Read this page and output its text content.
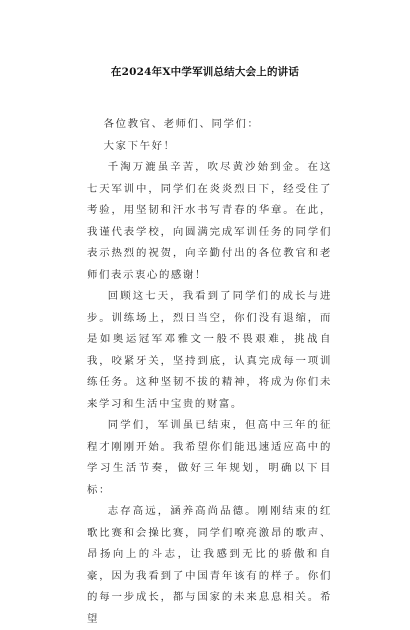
在2024年X中学军训总结大会上的讲话

各位教官、老师们、同学们：

大家下午好！

千淘万漉虽辛苦，吹尽黄沙始到金。在这七天军训中，同学们在炎炎烈日下，经受住了考验，用坚韧和汗水书写青春的华章。在此，我谨代表学校，向圆满完成军训任务的同学们表示热烈的祝贺，向辛勤付出的各位教官和老师们表示衷心的感谢！

回顾这七天，我看到了同学们的成长与进步。训练场上，烈日当空，你们没有退缩，而是如奥运冠军邓雅文一般不畏艰难，挑战自我，咬紧牙关，坚持到底，认真完成每一项训练任务。这种坚韧不拔的精神，将成为你们未来学习和生活中宝贵的财富。

同学们，军训虽已结束，但高中三年的征程才刚刚开始。我希望你们能迅速适应高中的学习生活节奏，做好三年规划，明确以下目标：

志存高远，涵养高尚品德。刚刚结束的红歌比赛和会操比赛，同学们嘹亮激昂的歌声、昂扬向上的斗志，让我感到无比的骄傲和自豪，因为我看到了中国青年该有的样子。你们的每一步成长，都与国家的未来息息相关。希望
